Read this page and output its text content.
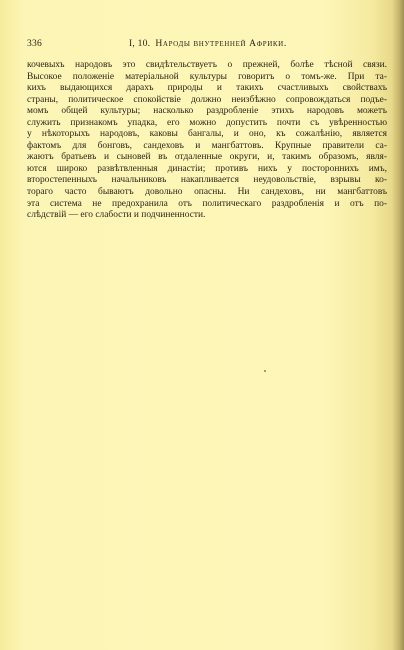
336	I, 10. Народы внутренней Африки.
кочевыхъ народовъ это свидѣтельствуетъ о прежней, болѣе тѣсной связи.
Высокое положеніе матеріальной культуры говоритъ о томъ-же. При та-
кихъ выдающихся дарахъ природы и такихъ счастливыхъ свойствахъ
страны, политическое спокойствіе должно неизбѣжно сопровождаться подъе-
момъ общей культуры; насколько раздробленіе этихъ народовъ можетъ
служить признакомъ упадка, его можно допустить почти съ увѣренностью
у нѣкоторыхъ народовъ, каковы бангалы, и оно, къ сожалѣнію, является
фактомъ для бонговъ, сандеховъ и мангбаттовъ. Крупные правители са-
жаютъ братьевъ и сыновей въ отдаленные округи, и, такимъ образомъ, явля-
ются широко развѣтвленныя династіи; противъ нихъ у постороннихъ имъ,
второстепенныхъ начальниковъ накапливается неудовольствіе, взрывы ко-
тораго часто бываютъ довольно опасны. Ни сандеховъ, ни мангбаттовъ
эта система не предохранила отъ политическаго раздробленія и отъ по-
слѣдствій — его слабости и подчиненности.
